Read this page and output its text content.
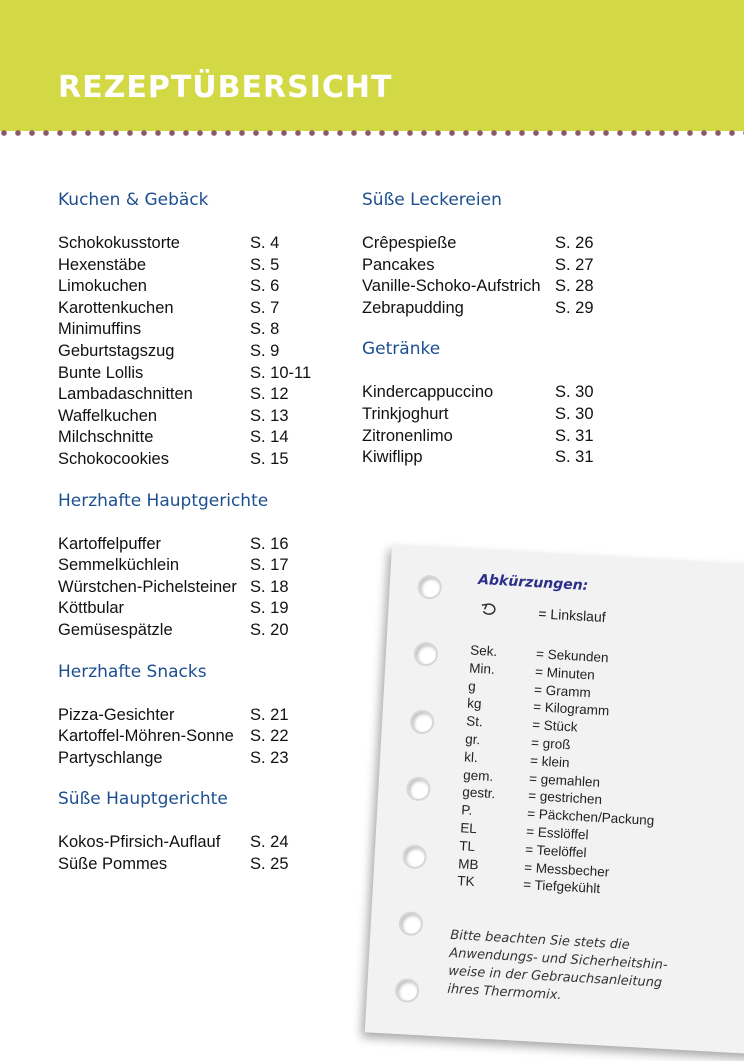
REZEPTÜBERSICHT
Kuchen & Gebäck
Schokokusstorte	S. 4
Hexenstäbe	S. 5
Limokuchen	S. 6
Karottenkuchen	S. 7
Minimuffins	S. 8
Geburtstagszug	S. 9
Bunte Lollis	S. 10-11
Lambadaschnitten	S. 12
Waffelkuchen	S. 13
Milchschnitte	S. 14
Schokocookies	S. 15
Herzhafte Hauptgerichte
Kartoffelpuffer	S. 16
Semmelküchlein	S. 17
Würstchen-Pichelsteiner S. 18
Köttbular	S. 19
Gemüsespätzle	S. 20
Herzhafte Snacks
Pizza-Gesichter	S. 21
Kartoffel-Möhren-Sonne S. 22
Partyschlange	S. 23
Süße Hauptgerichte
Kokos-Pfirsich-Auflauf S. 24
Süße Pommes	S. 25
Süße Leckereien
Crêpespieße	S. 26
Pancakes	S. 27
Vanille-Schoko-Aufstrich S. 28
Zebrapudding	S. 29
Getränke
Kindercappuccino	S. 30
Trinkjoghurt	S. 30
Zitronenlimo	S. 31
Kiwiflipp	S. 31
Abkürzungen:
= Linkslauf
Sek.	= Sekunden
Min.	= Minuten
g	= Gramm
kg	= Kilogramm
St.	= Stück
gr.	= groß
kl.	= klein
gem.	= gemahlen
gestr. = gestrichen
P.	= Päckchen/Packung
EL	= Esslöffel
TL	= Teelöffel
MB	= Messbecher
TK	= Tiefgekühlt
Bitte beachten Sie stets die Anwendungs- und Sicherheitshin-weise in der Gebrauchsanleitung ihres Thermomix.
